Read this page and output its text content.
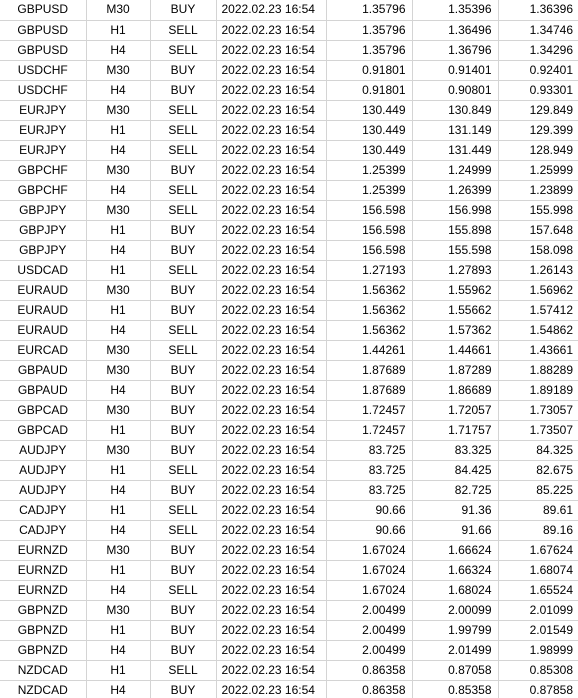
GBPUSD	M30	BUY	2022.02.23 16:54	1.35796	1.35396	1.36396
GBPUSD	H1	SELL	2022.02.23 16:54	1.35796	1.36496	1.34746
GBPUSD	H4	SELL	2022.02.23 16:54	1.35796	1.36796	1.34296
USDCHF	M30	BUY	2022.02.23 16:54	0.91801	0.91401	0.92401
USDCHF	H4	BUY	2022.02.23 16:54	0.91801	0.90801	0.93301
EURJPY	M30	SELL	2022.02.23 16:54	130.449	130.849	129.849
EURJPY	H1	SELL	2022.02.23 16:54	130.449	131.149	129.399
EURJPY	H4	SELL	2022.02.23 16:54	130.449	131.449	128.949
GBPCHF	M30	BUY	2022.02.23 16:54	1.25399	1.24999	1.25999
GBPCHF	H4	SELL	2022.02.23 16:54	1.25399	1.26399	1.23899
GBPJPY	M30	SELL	2022.02.23 16:54	156.598	156.998	155.998
GBPJPY	H1	BUY	2022.02.23 16:54	156.598	155.898	157.648
GBPJPY	H4	BUY	2022.02.23 16:54	156.598	155.598	158.098
USDCAD	H1	SELL	2022.02.23 16:54	1.27193	1.27893	1.26143
EURAUD	M30	BUY	2022.02.23 16:54	1.56362	1.55962	1.56962
EURAUD	H1	BUY	2022.02.23 16:54	1.56362	1.55662	1.57412
EURAUD	H4	SELL	2022.02.23 16:54	1.56362	1.57362	1.54862
EURCAD	M30	SELL	2022.02.23 16:54	1.44261	1.44661	1.43661
GBPAUD	M30	BUY	2022.02.23 16:54	1.87689	1.87289	1.88289
GBPAUD	H4	BUY	2022.02.23 16:54	1.87689	1.86689	1.89189
GBPCAD	M30	BUY	2022.02.23 16:54	1.72457	1.72057	1.73057
GBPCAD	H1	BUY	2022.02.23 16:54	1.72457	1.71757	1.73507
AUDJPY	M30	BUY	2022.02.23 16:54	83.725	83.325	84.325
AUDJPY	H1	SELL	2022.02.23 16:54	83.725	84.425	82.675
AUDJPY	H4	BUY	2022.02.23 16:54	83.725	82.725	85.225
CADJPY	H1	SELL	2022.02.23 16:54	90.66	91.36	89.61
CADJPY	H4	SELL	2022.02.23 16:54	90.66	91.66	89.16
EURNZD	M30	BUY	2022.02.23 16:54	1.67024	1.66624	1.67624
EURNZD	H1	BUY	2022.02.23 16:54	1.67024	1.66324	1.68074
EURNZD	H4	SELL	2022.02.23 16:54	1.67024	1.68024	1.65524
GBPNZD	M30	BUY	2022.02.23 16:54	2.00499	2.00099	2.01099
GBPNZD	H1	BUY	2022.02.23 16:54	2.00499	1.99799	2.01549
GBPNZD	H4	BUY	2022.02.23 16:54	2.00499	2.01499	1.98999
NZDCAD	H1	SELL	2022.02.23 16:54	0.86358	0.87058	0.85308
NZDCAD	H4	BUY	2022.02.23 16:54	0.86358	0.85358	0.87858
